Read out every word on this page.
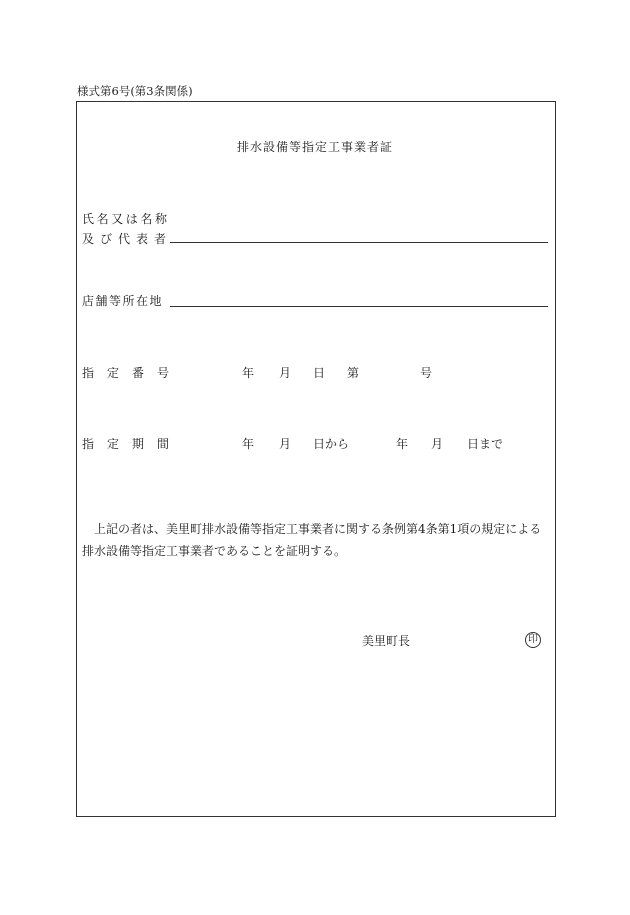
様式第6号(第3条関係)
排水設備等指定工事業者証
氏名又は名称
及び代表者
店舗等所在地
指定番号	年 月 日 第	号
指定期間	年 月 日から	年 月 日まで
上記の者は、美里町排水設備等指定工事業者に関する条例第4条第1項の規定による排水設備等指定工事業者であることを証明する。
美里町長	印
